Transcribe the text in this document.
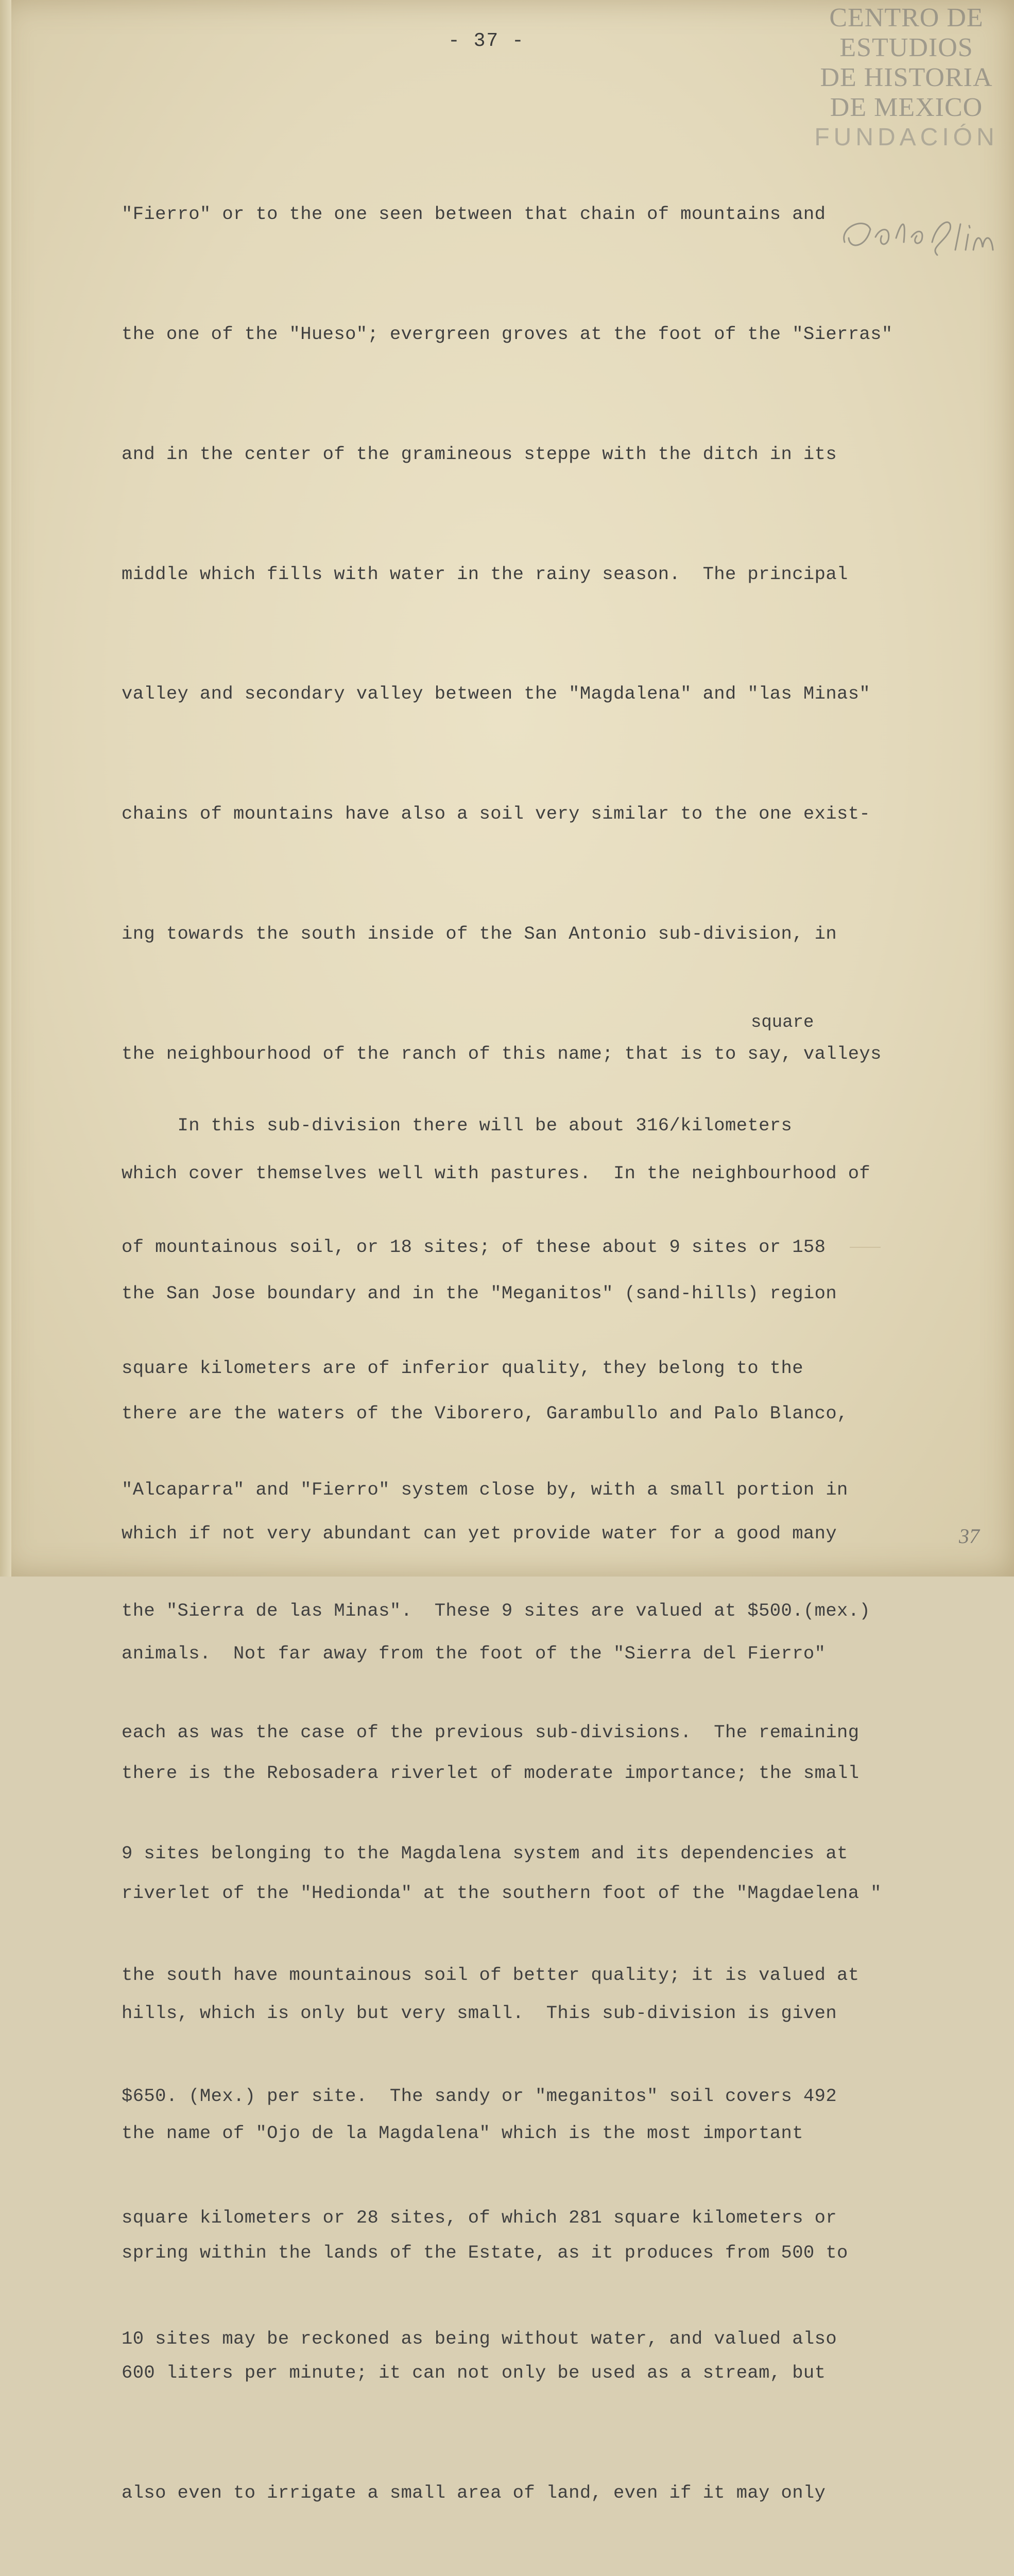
- 37 -
CENTRO DE
ESTUDIOS
DE HISTORIA
DE MEXICO
FUNDACIÓN

"Fierro" or to the one seen between that chain of mountains and

the one of the "Hueso"; evergreen groves at the foot of the "Sierras"

and in the center of the gramineous steppe with the ditch in its

middle which fills with water in the rainy season.  The principal

valley and secondary valley between the "Magdalena" and "las Minas"

chains of mountains have also a soil very similar to the one exist-

ing towards the south inside of the San Antonio sub-division, in

the neighbourhood of the ranch of this name; that is to say, valleys

which cover themselves well with pastures.  In the neighbourhood of

the San Jose boundary and in the "Meganitos" (sand-hills) region

there are the waters of the Viborero, Garambullo and Palo Blanco,

which if not very abundant can yet provide water for a good many

animals.  Not far away from the foot of the "Sierra del Fierro"

there is the Rebosadera riverlet of moderate importance; the small

riverlet of the "Hedionda" at the southern foot of the "Magdaelena "

hills, which is only but very small.  This sub-division is given

the name of "Ojo de la Magdalena" which is the most important

spring within the lands of the Estate, as it produces from 500 to

600 liters per minute; it can not only be used as a stream, but

also even to irrigate a small area of land, even if it may only

square

In this sub-division there will be about 316/kilometers

of mountainous soil, or 18 sites; of these about 9 sites or 158

square kilometers are of inferior quality, they belong to the

"Alcaparra" and "Fierro" system close by, with a small portion in

the "Sierra de las Minas".  These 9 sites are valued at $500.(mex.)

each as was the case of the previous sub-divisions.  The remaining

9 sites belonging to the Magdalena system and its dependencies at

the south have mountainous soil of better quality; it is valued at

$650. (Mex.) per site.  The sandy or "meganitos" soil covers 492

square kilometers or 28 sites, of which 281 square kilometers or

10 sites may be reckoned as being without water, and valued also

37
